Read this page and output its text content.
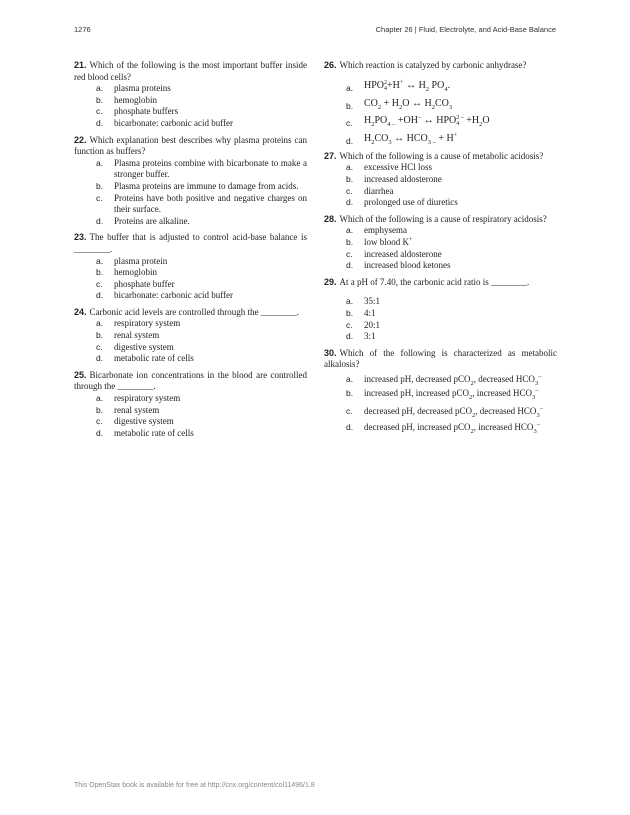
1276	Chapter 26 | Fluid, Electrolyte, and Acid-Base Balance
21. Which of the following is the most important buffer inside red blood cells?
a. plasma proteins
b. hemoglobin
c. phosphate buffers
d. bicarbonate: carbonic acid buffer
22. Which explanation best describes why plasma proteins can function as buffers?
a. Plasma proteins combine with bicarbonate to make a stronger buffer.
b. Plasma proteins are immune to damage from acids.
c. Proteins have both positive and negative charges on their surface.
d. Proteins are alkaline.
23. The buffer that is adjusted to control acid-base balance is ________.
a. plasma protein
b. hemoglobin
c. phosphate buffer
d. bicarbonate: carbonic acid buffer
24. Carbonic acid levels are controlled through the ________.
a. respiratory system
b. renal system
c. digestive system
d. metabolic rate of cells
25. Bicarbonate ion concentrations in the blood are controlled through the ________.
a. respiratory system
b. renal system
c. digestive system
d. metabolic rate of cells
26. Which reaction is catalyzed by carbonic anhydrase?
a. HPO 2
4 +H+ ↔ $H_2$ $PO_4$.
b. $CO_2 + H_2O$ ↔ $H_2CO_3$
c. $H_2PO_{4 -} +OH^-$ ↔ HPO 2 –
$4 +H_2O$
d. $H_2CO_3$ ↔ $HCO_{3 -} + H^+$
27. Which of the following is a cause of metabolic acidosis?
a. excessive HCl loss
b. increased aldosterone
c. diarrhea
d. prolonged use of diuretics
28. Which of the following is a cause of respiratory acidosis?
a. emphysema
b. low blood K+
c. increased aldosterone
d. increased blood ketones
29. At a pH of 7.40, the carbonic acid ratio is ________.
a. 35:1
b. 4:1
c. 20:1
d. 3:1
30. Which of the following is characterized as metabolic alkalosis?
a. increased pH, decreased pCO$_2$, decreased $HCO_3^-$
b. increased pH, increased pCO$_2$, increased $HCO_3^-$
c. decreased pH, decreased pCO$_2$, decreased $HCO_3^-$
d. decreased pH, increased pCO$_2$, increased $HCO_3^-$
This OpenStax book is available for free at http://cnx.org/content/col11496/1.8
